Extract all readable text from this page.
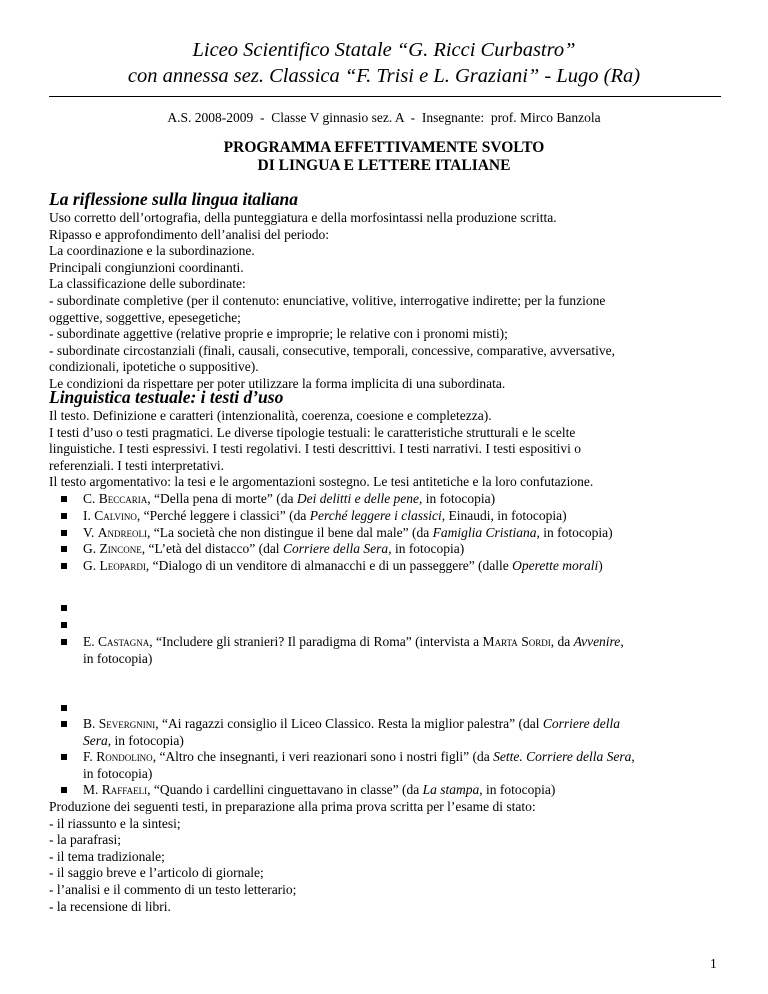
Liceo Scientifico Statale “G. Ricci Curbastro”
con annessa sez. Classica “F. Trisi e L. Graziani” - Lugo (Ra)
A.S. 2008-2009  -  Classe V ginnasio sez. A  -  Insegnante:  prof. Mirco Banzola
PROGRAMMA EFFETTIVAMENTE SVOLTO
DI LINGUA E LETTERE ITALIANE
La riflessione sulla lingua italiana

Uso corretto dell’ortografia, della punteggiatura e della morfosintassi nella produzione scritta.

Ripasso e approfondimento dell’analisi del periodo:

La coordinazione e la subordinazione.

Principali congiunzioni coordinanti.

La classificazione delle subordinate:

- subordinate completive (per il contenuto: enunciative, volitive, interrogative indirette; per la funzione

oggettive, soggettive, epesegetiche;

- subordinate aggettive (relative proprie e improprie; le relative con i pronomi misti);

- subordinate circostanziali (finali, causali, consecutive, temporali, concessive, comparative, avversative,

condizionali, ipotetiche o suppositive).

Le condizioni da rispettare per poter utilizzare la forma implicita di una subordinata.

Linguistica testuale: i testi d’uso

Il testo. Definizione e caratteri (intenzionalità, coerenza, coesione e completezza).

I testi d’uso o testi pragmatici. Le diverse tipologie testuali: le caratteristiche strutturali e le scelte

linguistiche. I testi espressivi. I testi regolativi. I testi descrittivi. I testi narrativi. I testi espositivi o

referenziali. I testi interpretativi.

Il testo argomentativo: la tesi e le argomentazioni sostegno. Le tesi antitetiche e la loro confutazione.

C. Beccaria, “Della pena di morte” (da Dei delitti e delle pene, in fotocopia)
I. Calvino, “Perché leggere i classici” (da Perché leggere i classici, Einaudi, in fotocopia)
V. Andreoli, “La società che non distingue il bene dal male” (da Famiglia Cristiana, in fotocopia)
G. Zincone, “L’età del distacco” (dal Corriere della Sera, in fotocopia)
G. Leopardi, “Dialogo di un venditore di almanacchi e di un passeggere” (dalle Operette morali)
E. Castagna, “Includere gli stranieri? Il paradigma di Roma” (intervista a Marta Sordi, da Avvenire,
in fotocopia)
B. Severgnini, “Ai ragazzi consiglio il Liceo Classico. Resta la miglior palestra” (dal Corriere della
Sera, in fotocopia)
F. Rondolino, “Altro che insegnanti, i veri reazionari sono i nostri figli” (da Sette. Corriere della Sera,
in fotocopia)
M. Raffaeli, “Quando i cardellini cinguettavano in classe” (da La stampa, in fotocopia)

Produzione dei seguenti testi, in preparazione alla prima prova scritta per l’esame di stato:

- il riassunto e la sintesi;

- la parafrasi;

- il tema tradizionale;

- il saggio breve e l’articolo di giornale;

- l’analisi e il commento di un testo letterario;

- la recensione di libri.

1
